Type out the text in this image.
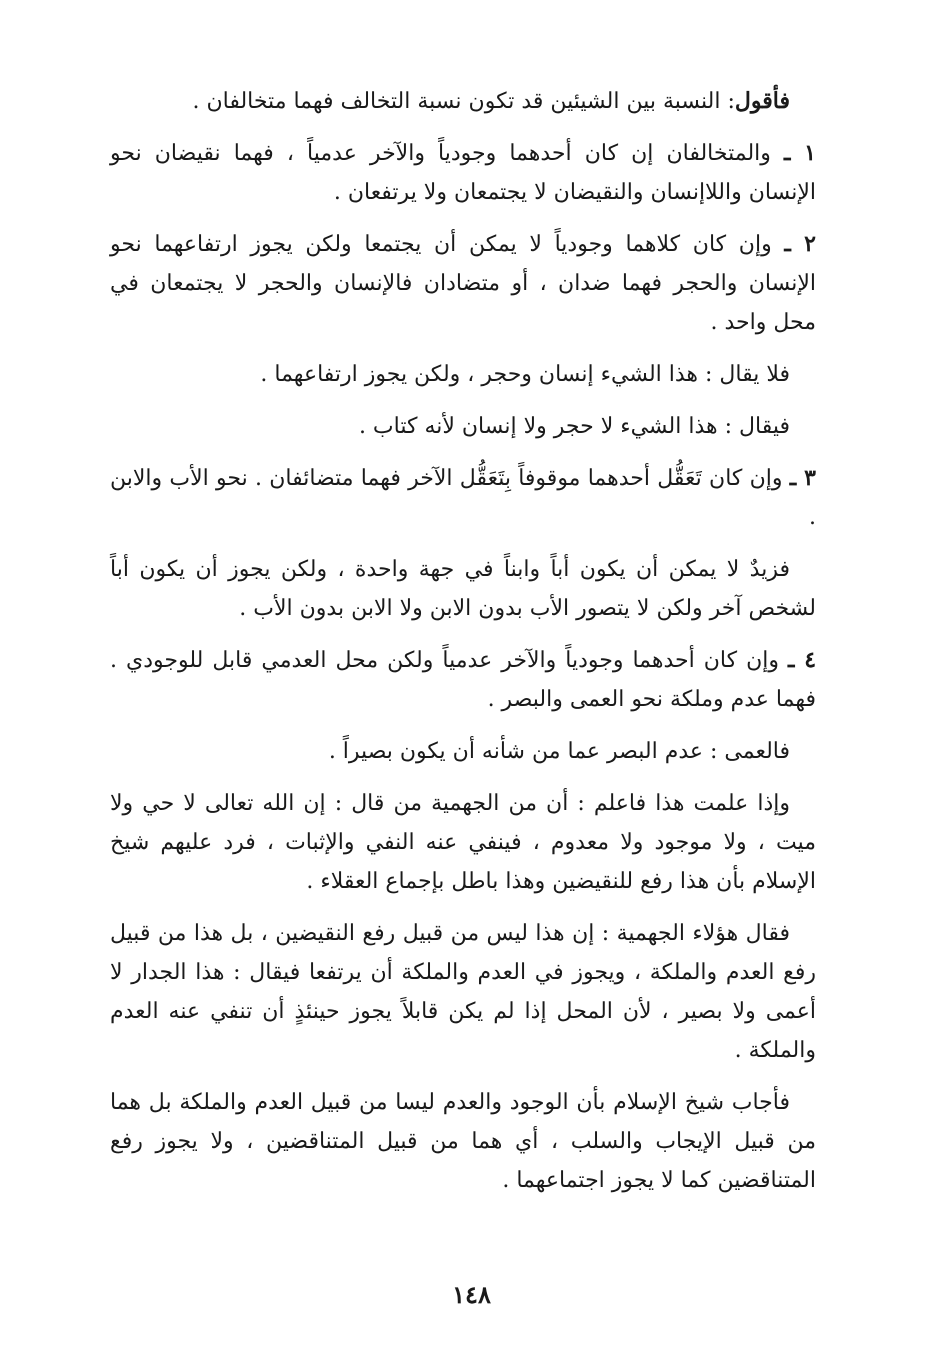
فأقول: النسبة بين الشيئين قد تكون نسبة التخالف فهما متخالفان .

١ ـ والمتخالفان إن كان أحدهما وجودياً والآخر عدمياً ، فهما نقيضان نحو الإنسان واللاإنسان والنقيضان لا يجتمعان ولا يرتفعان .

٢ ـ وإن كان كلاهما وجودياً لا يمكن أن يجتمعا ولكن يجوز ارتفاعهما نحو الإنسان والحجر فهما ضدان ، أو متضادان فالإنسان والحجر لا يجتمعان في محل واحد .

فلا يقال : هذا الشيء إنسان وحجر ، ولكن يجوز ارتفاعهما .

فيقال : هذا الشيء لا حجر ولا إنسان لأنه كتاب .

٣ ـ وإن كان تَعَقُّل أحدهما موقوفاً بِتَعَقُّل الآخر فهما متضائفان . نحو الأب والابن .

فزيدٌ لا يمكن أن يكون أباً وابناً في جهة واحدة ، ولكن يجوز أن يكون أباً لشخص آخر ولكن لا يتصور الأب بدون الابن ولا الابن بدون الأب .

٤ ـ وإن كان أحدهما وجودياً والآخر عدمياً ولكن محل العدمي قابل للوجودي . فهما عدم وملكة نحو العمى والبصر .

فالعمى : عدم البصر عما من شأنه أن يكون بصيراً .

وإذا علمت هذا فاعلم : أن من الجهمية من قال : إن الله تعالى لا حي ولا ميت ، ولا موجود ولا معدوم ، فينفي عنه النفي والإثبات ، فرد عليهم شيخ الإسلام بأن هذا رفع للنقيضين وهذا باطل بإجماع العقلاء .

فقال هؤلاء الجهمية : إن هذا ليس من قبيل رفع النقيضين ، بل هذا من قبيل رفع العدم والملكة ، ويجوز في العدم والملكة أن يرتفعا فيقال : هذا الجدار لا أعمى ولا بصير ، لأن المحل إذا لم يكن قابلاً يجوز حينئذٍ أن تنفي عنه العدم والملكة .

فأجاب شيخ الإسلام بأن الوجود والعدم ليسا من قبيل العدم والملكة بل هما من قبيل الإيجاب والسلب ، أي هما من قبيل المتناقضين ، ولا يجوز رفع المتناقضين كما لا يجوز اجتماعهما .

١٤٨
